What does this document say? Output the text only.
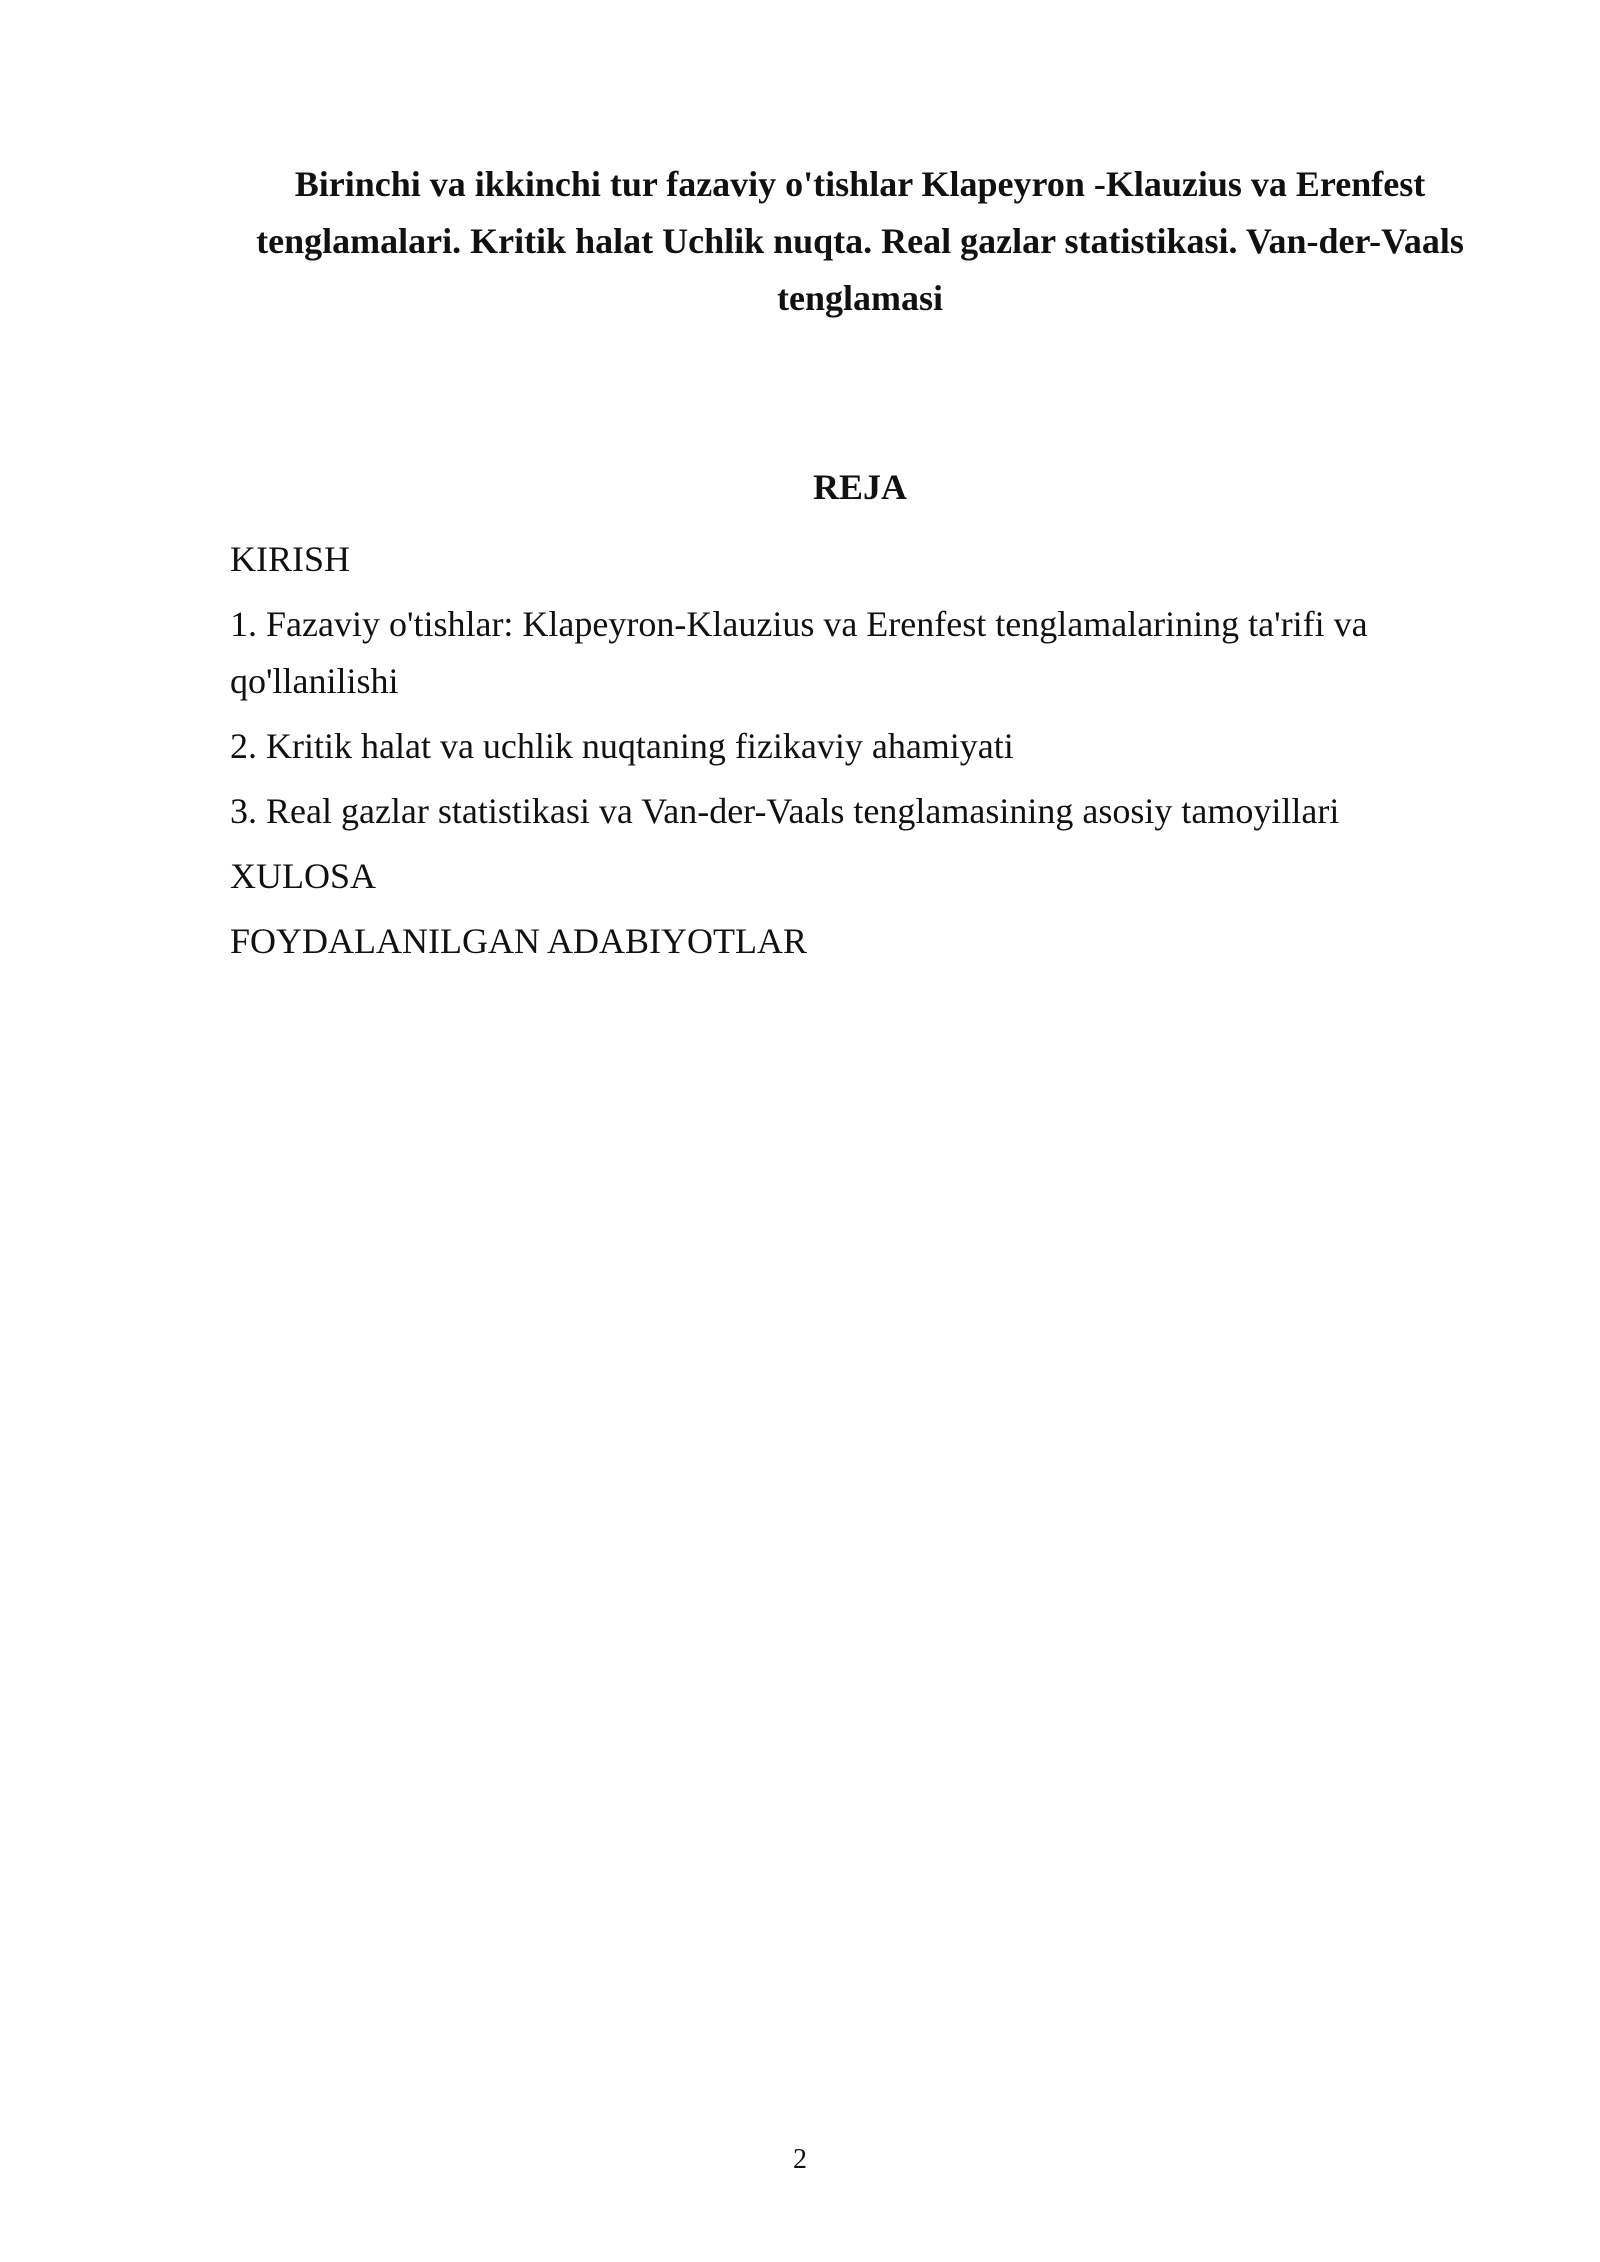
Birinchi va ikkinchi tur fazaviy o'tishlar Klapeyron -Klauzius va Erenfest tenglamalari. Kritik halat Uchlik nuqta. Real gazlar statistikasi. Van-der-Vaals tenglamasi
REJA
KIRISH
1. Fazaviy o'tishlar: Klapeyron-Klauzius va Erenfest tenglamalarining ta'rifi va qo'llanilishi
2. Kritik halat va uchlik nuqtaning fizikaviy ahamiyati
3. Real gazlar statistikasi va Van-der-Vaals tenglamasining asosiy tamoyillari
XULOSA
FOYDALANILGAN ADABIYOTLAR
2
